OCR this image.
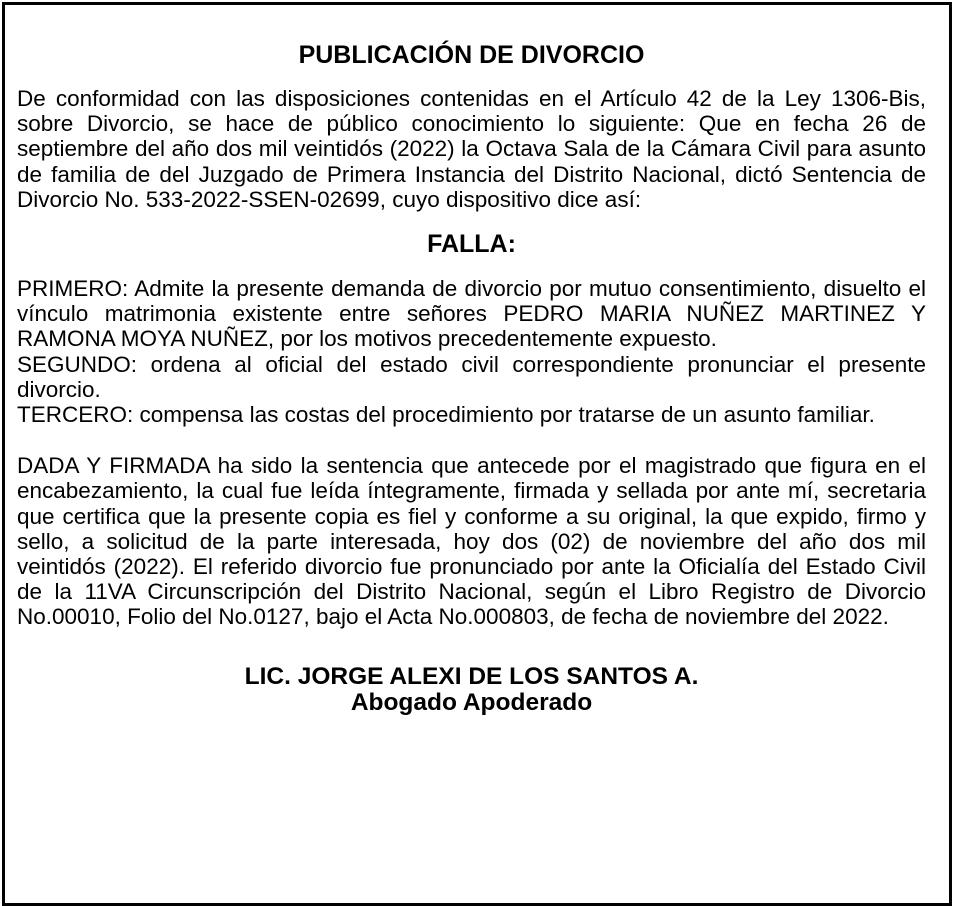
PUBLICACIÓN DE DIVORCIO

De conformidad con las disposiciones contenidas en el Artículo 42 de la Ley 1306-Bis, sobre Divorcio, se hace de público conocimiento lo siguiente: Que en fecha 26 de septiembre del año dos mil veintidós (2022) la Octava Sala de la Cámara Civil para asunto de familia de del Juzgado de Primera Instancia del Distrito Nacional, dictó Sentencia de Divorcio No. 533-2022-SSEN-02699, cuyo dispositivo dice así:

FALLA:

PRIMERO: Admite la presente demanda de divorcio por mutuo consentimiento, disuelto el vínculo matrimonia existente entre señores PEDRO MARIA NUÑEZ MARTINEZ Y RAMONA MOYA NUÑEZ, por los motivos precedentemente expuesto.

SEGUNDO: ordena al oficial del estado civil correspondiente pronunciar el presente divorcio.

TERCERO: compensa las costas del procedimiento por tratarse de un asunto familiar.

DADA Y FIRMADA ha sido la sentencia que antecede por el magistrado que figura en el encabezamiento, la cual fue leída íntegramente, firmada y sellada por ante mí, secretaria que certifica que la presente copia es fiel y conforme a su original, la que expido, firmo y sello, a solicitud de la parte interesada, hoy dos (02) de noviembre del año dos mil veintidós (2022). El referido divorcio fue pronunciado por ante la Oficialía del Estado Civil de la 11VA Circunscripción del Distrito Nacional, según el Libro Registro de Divorcio No.00010, Folio del No.0127, bajo el Acta No.000803, de fecha de noviembre del 2022.

LIC. JORGE ALEXI DE LOS SANTOS A.
Abogado Apoderado
